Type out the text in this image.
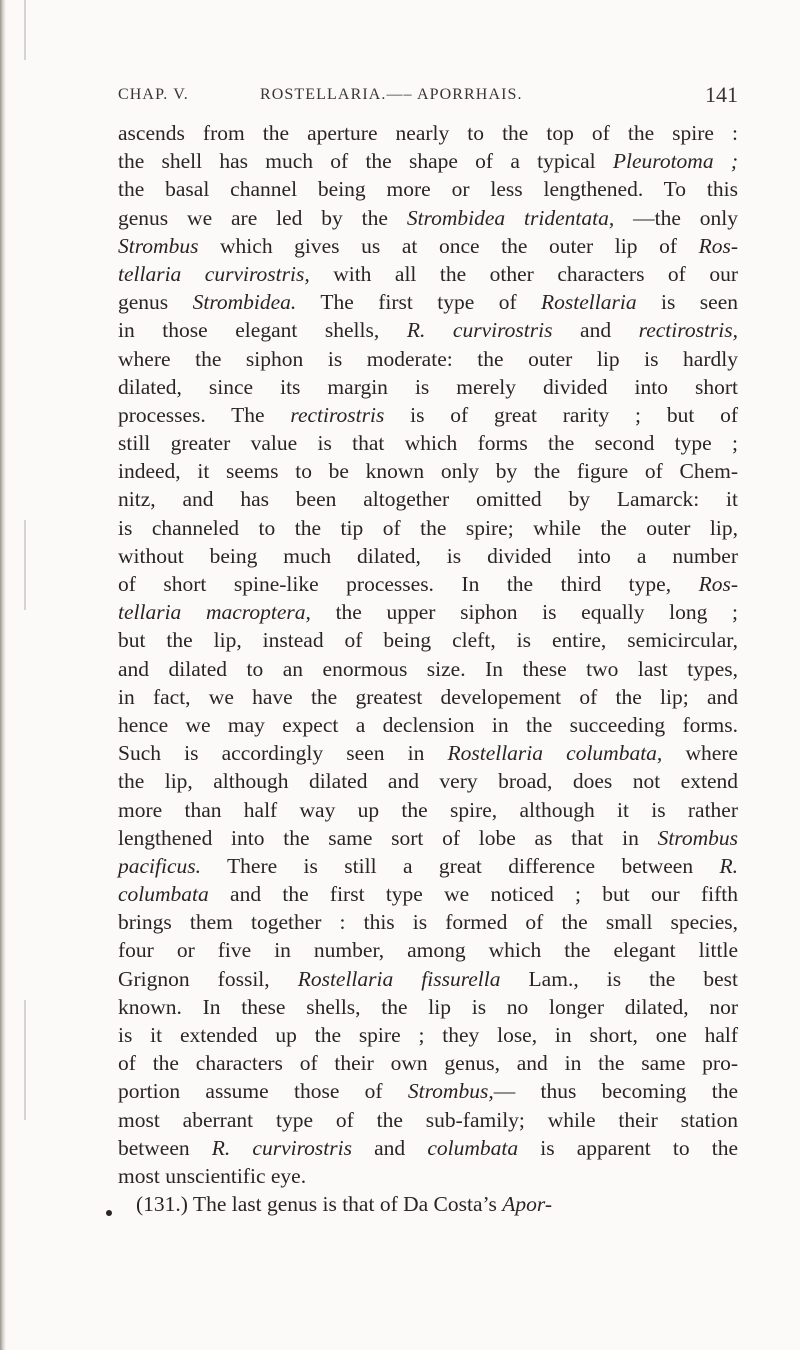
CHAP. V.	ROSTELLARIA.—– APORRHAIS.	141
ascends from the aperture nearly to the top of the spire :
the shell has much of the shape of a typical Pleurotoma ;
the basal channel being more or less lengthened. To this
genus we are led by the Strombidea tridentata, —the only
Strombus which gives us at once the outer lip of Ros-
tellaria curvirostris, with all the other characters of our
genus Strombidea. The first type of Rostellaria is seen
in those elegant shells, R. curvirostris and rectirostris,
where the siphon is moderate: the outer lip is hardly
dilated, since its margin is merely divided into short
processes. The rectirostris is of great rarity ; but of
still greater value is that which forms the second type ;
indeed, it seems to be known only by the figure of Chem-
nitz, and has been altogether omitted by Lamarck: it
is channeled to the tip of the spire; while the outer lip,
without being much dilated, is divided into a number
of short spine-like processes. In the third type, Ros-
tellaria macroptera, the upper siphon is equally long ;
but the lip, instead of being cleft, is entire, semicircular,
and dilated to an enormous size. In these two last types,
in fact, we have the greatest developement of the lip; and
hence we may expect a declension in the succeeding forms.
Such is accordingly seen in Rostellaria columbata, where
the lip, although dilated and very broad, does not extend
more than half way up the spire, although it is rather
lengthened into the same sort of lobe as that in Strombus
pacificus. There is still a great difference between R.
columbata and the first type we noticed ; but our fifth
brings them together : this is formed of the small species,
four or five in number, among which the elegant little
Grignon fossil, Rostellaria fissurella Lam., is the best
known. In these shells, the lip is no longer dilated, nor
is it extended up the spire ; they lose, in short, one half
of the characters of their own genus, and in the same pro-
portion assume those of Strombus,— thus becoming the
most aberrant type of the sub-family; while their station
between R. curvirostris and columbata is apparent to the
most unscientific eye.
(131.) The last genus is that of Da Costa’s Apor-
